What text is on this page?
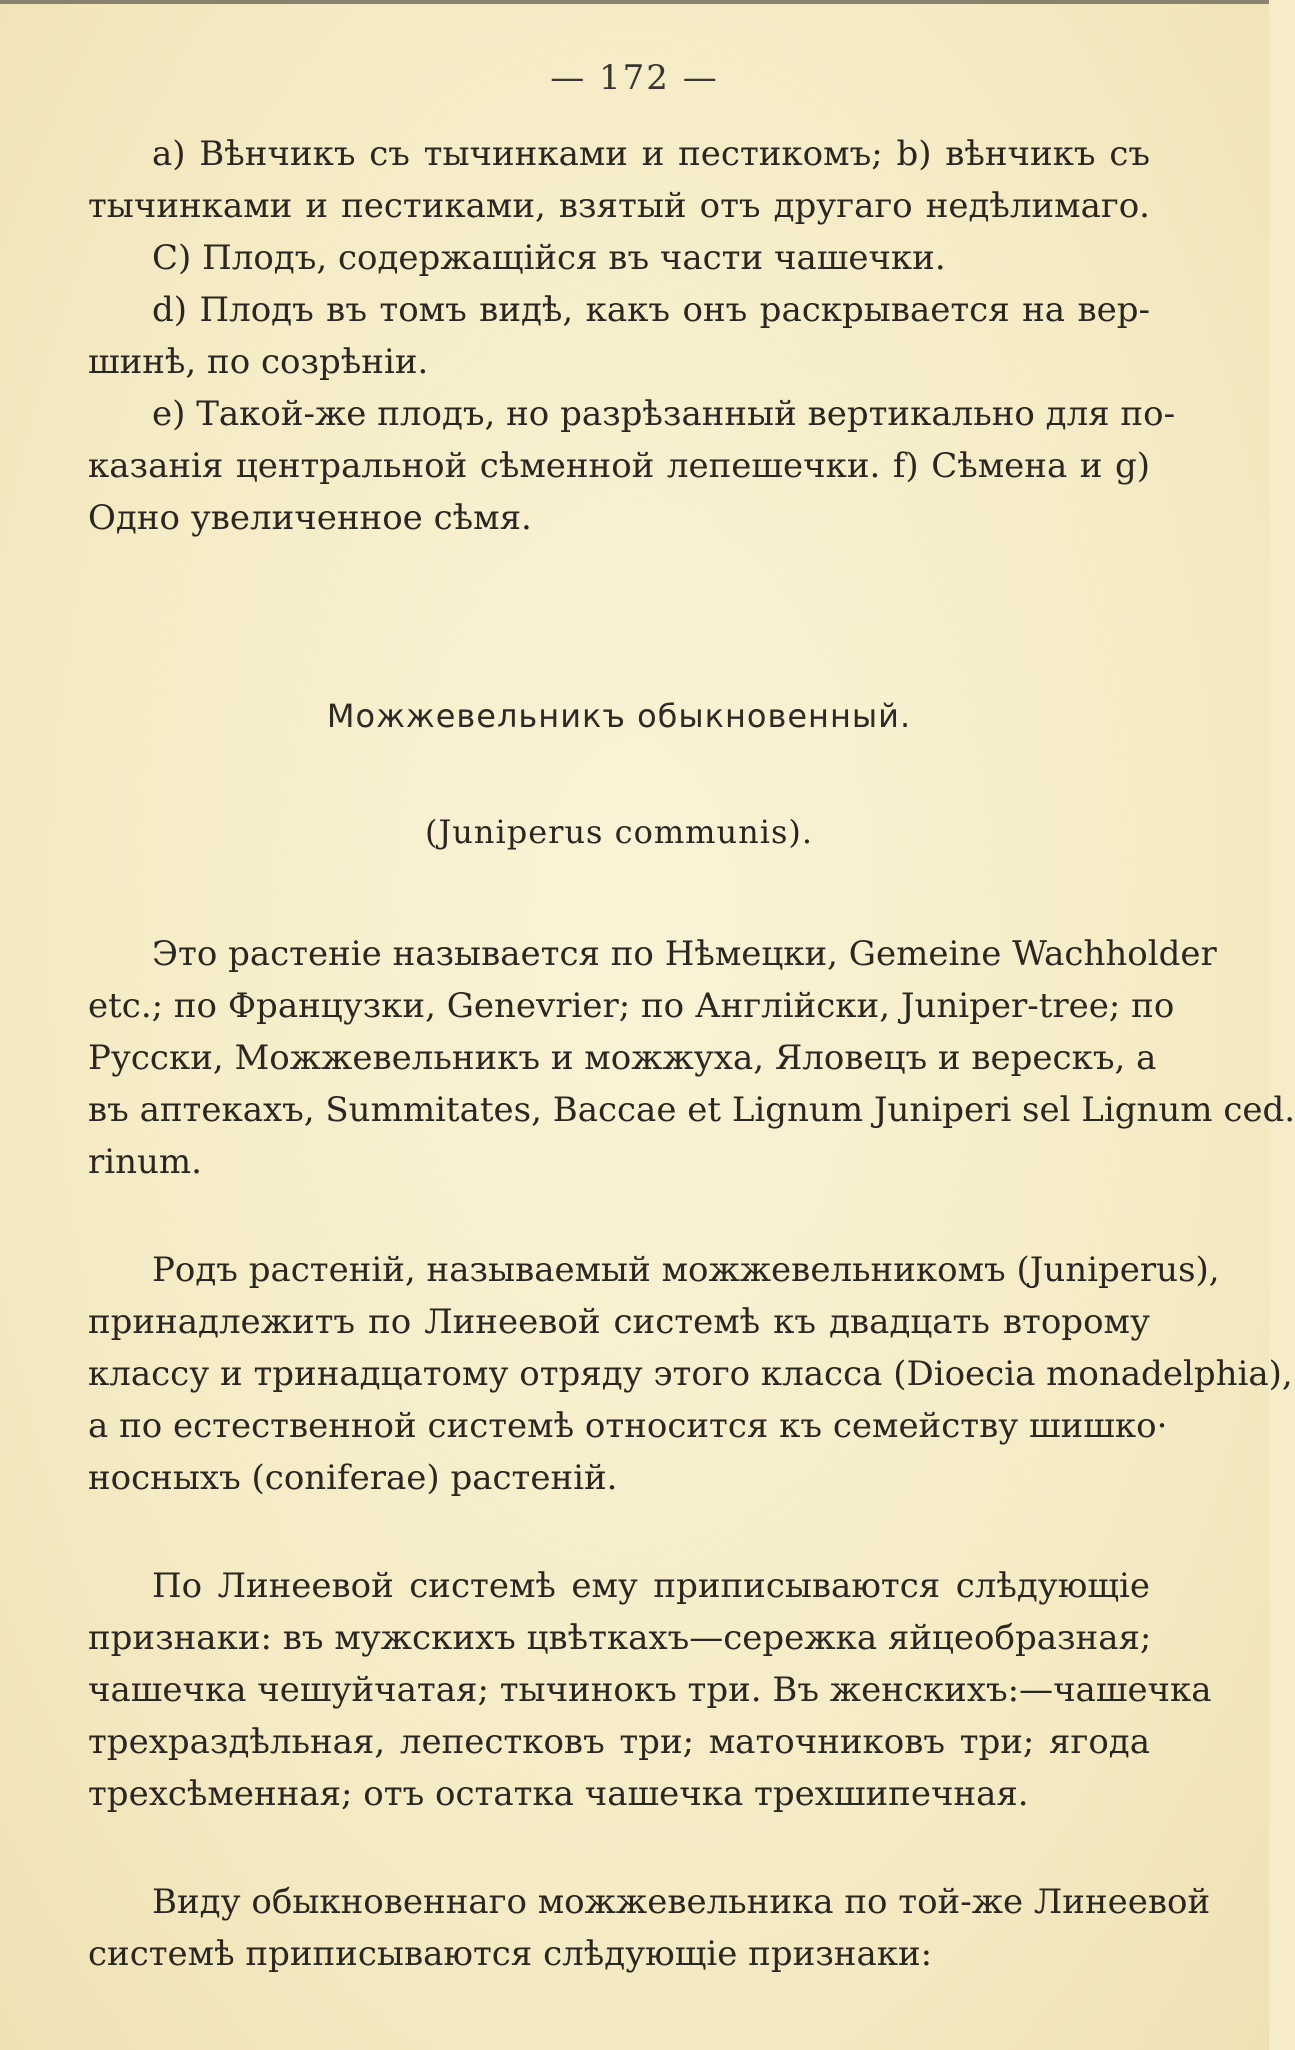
— 172 —
a) Вѣнчикъ съ тычинками и пестикомъ; b) вѣнчикъ съ
тычинками и пестиками, взятый отъ другаго недѣлимаго.
C) Плодъ, содержащійся въ части чашечки.
d) Плодъ въ томъ видѣ, какъ онъ раскрывается на вер-
шинѣ, по созрѣніи.
e) Такой-же плодъ, но разрѣзанный вертикально для по-
казанія центральной сѣменной лепешечки. f) Сѣмена и g)
Одно увеличенное сѣмя.
Можжевельникъ обыкновенный.
(Juniperus communis).
Это растеніе называется по Нѣмецки, Gemeine Wachholder
etc.; по Французки, Genevrier; по Англійски, Juniper-tree; по
Русски, Можжевельникъ и можжуха, Яловецъ и верескъ, а
въ аптекахъ, Summitates, Baccae et Lignum Juniperi sel Lignum ced.
rinum.
Родъ растеній, называемый можжевельникомъ (Juniperus),
принадлежитъ по Линеевой системѣ къ двадцать второму
классу и тринадцатому отряду этого класса (Dioecia monadelphia),
а по естественной системѣ относится къ семейству шишко·
носныхъ (coniferae) растеній.
По Линеевой системѣ ему приписываются слѣдующіе
признаки: въ мужскихъ цвѣткахъ—сережка яйцеобразная;
чашечка чешуйчатая; тычинокъ три. Въ женскихъ:—чашечка
трехраздѣльная, лепестковъ три; маточниковъ три; ягода
трехсѣменная; отъ остатка чашечка трехшипечная.
Виду обыкновеннаго можжевельника по той-же Линеевой
системѣ приписываются слѣдующіе признаки:
